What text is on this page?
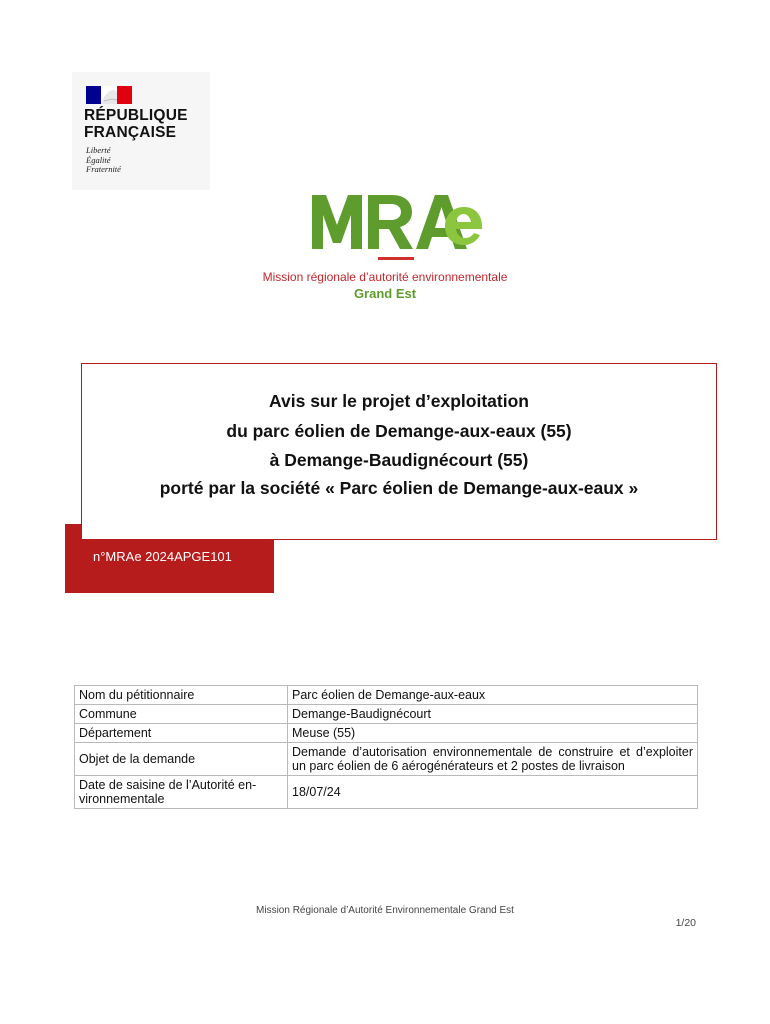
RÉPUBLIQUE
FRANÇAISE
Liberté
Égalité
Fraternité
Mission régionale d’autorité environnementale
Grand Est
n°MRAe 2024APGE101
Avis sur le projet d’exploitation
du parc éolien de Demange-aux-eaux (55)
à Demange-Baudignécourt (55)
porté par la société « Parc éolien de Demange-aux-eaux »
Nom du pétitionnaire	Parc éolien de Demange-aux-eaux
Commune	Demange-Baudignécourt
Département	Meuse (55)
Objet de la demande	Demande d’autorisation environnementale de construire et d’exploiter un parc éolien de 6 aérogénérateurs et 2 postes de livraison
Date de saisine de l’Autorité en-vironnementale	18/07/24
Mission Régionale d’Autorité Environnementale Grand Est
1/20
